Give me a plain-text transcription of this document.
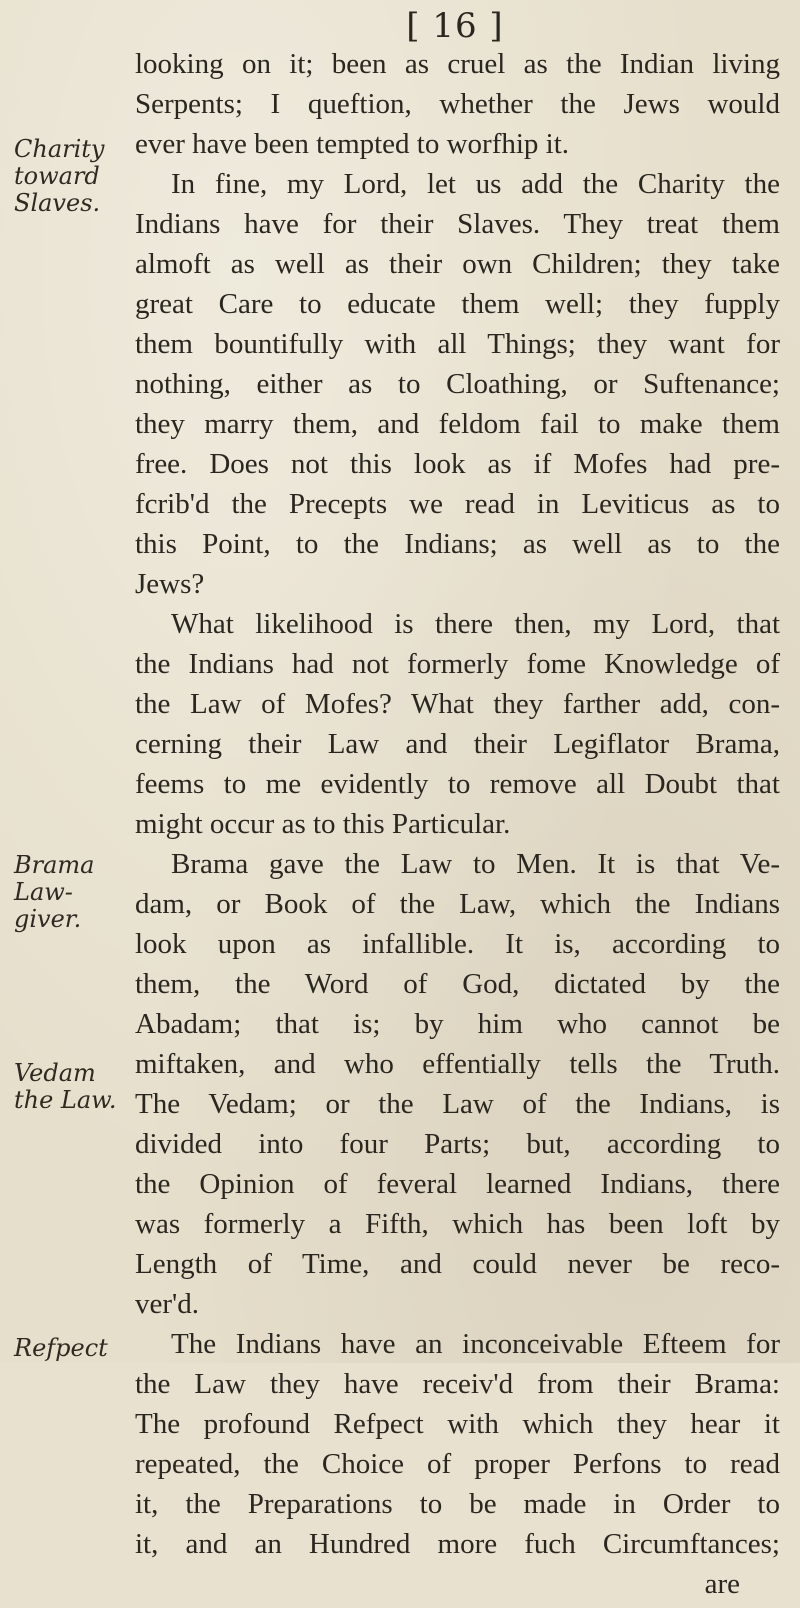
[ 16 ]
Charity
toward
Slaves.
Brama
Law-
giver.
Vedam
the Law.
Refpect
looking on it; been as cruel as the Indian living
Serpents; I queftion, whether the Jews would
ever have been tempted to worfhip it.
In fine, my Lord, let us add the Charity the
Indians have for their Slaves. They treat them
almoft as well as their own Children; they take
great Care to educate them well; they fupply
them bountifully with all Things; they want for
nothing, either as to Cloathing, or Suftenance;
they marry them, and feldom fail to make them
free. Does not this look as if Mofes had pre-
fcrib'd the Precepts we read in Leviticus as to
this Point, to the Indians; as well as to the
Jews?
What likelihood is there then, my Lord, that
the Indians had not formerly fome Knowledge of
the Law of Mofes? What they farther add, con-
cerning their Law and their Legiflator Brama,
feems to me evidently to remove all Doubt that
might occur as to this Particular.
Brama gave the Law to Men. It is that Ve-
dam, or Book of the Law, which the Indians
look upon as infallible. It is, according to
them, the Word of God, dictated by the
Abadam; that is; by him who cannot be
miftaken, and who effentially tells the Truth.
The Vedam; or the Law of the Indians, is
divided into four Parts; but, according to
the Opinion of feveral learned Indians, there
was formerly a Fifth, which has been loft by
Length of Time, and could never be reco-
ver'd.
The Indians have an inconceivable Efteem for
the Law they have receiv'd from their Brama:
The profound Refpect with which they hear it
repeated, the Choice of proper Perfons to read
it, the Preparations to be made in Order to
it, and an Hundred more fuch Circumftances;
are
